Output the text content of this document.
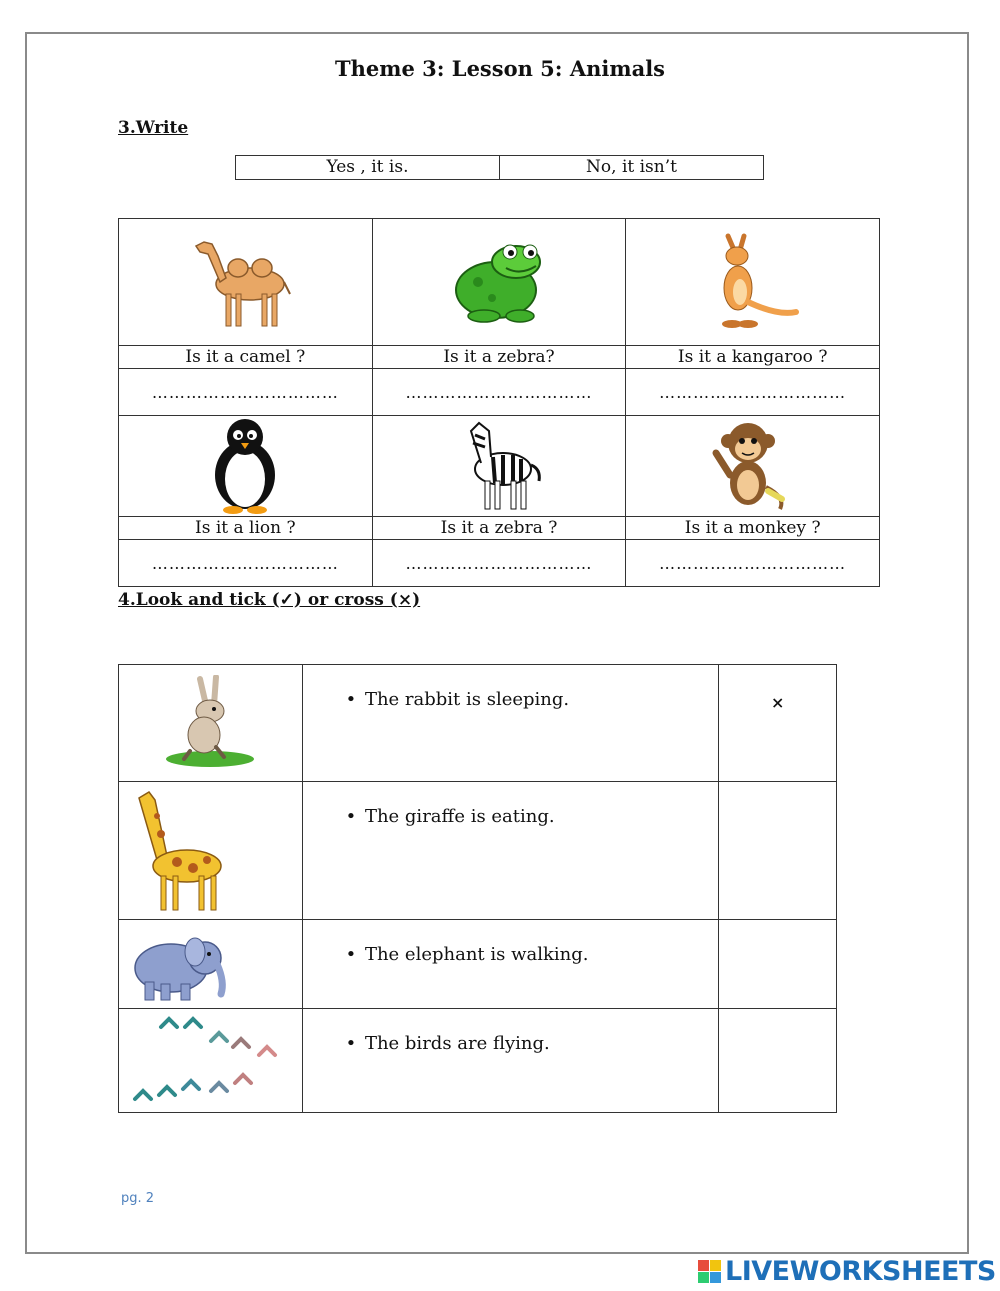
Theme 3: Lesson 5: Animals
3.Write
Yes , it is.	No, it isn’t

Is it a camel ?	Is it a zebra?	Is it a kangaroo ?
……………………………	……………………………	……………………………

Is it a lion ?	Is it a zebra ?	Is it a monkey ?
……………………………	……………………………	……………………………
4.Look and tick (✓) or cross (×)
	• The rabbit is sleeping.	×

	• The giraffe is eating.	

	• The elephant is walking.	

	• The birds are flying.	
pg. 2
LIVEWORKSHEETS
